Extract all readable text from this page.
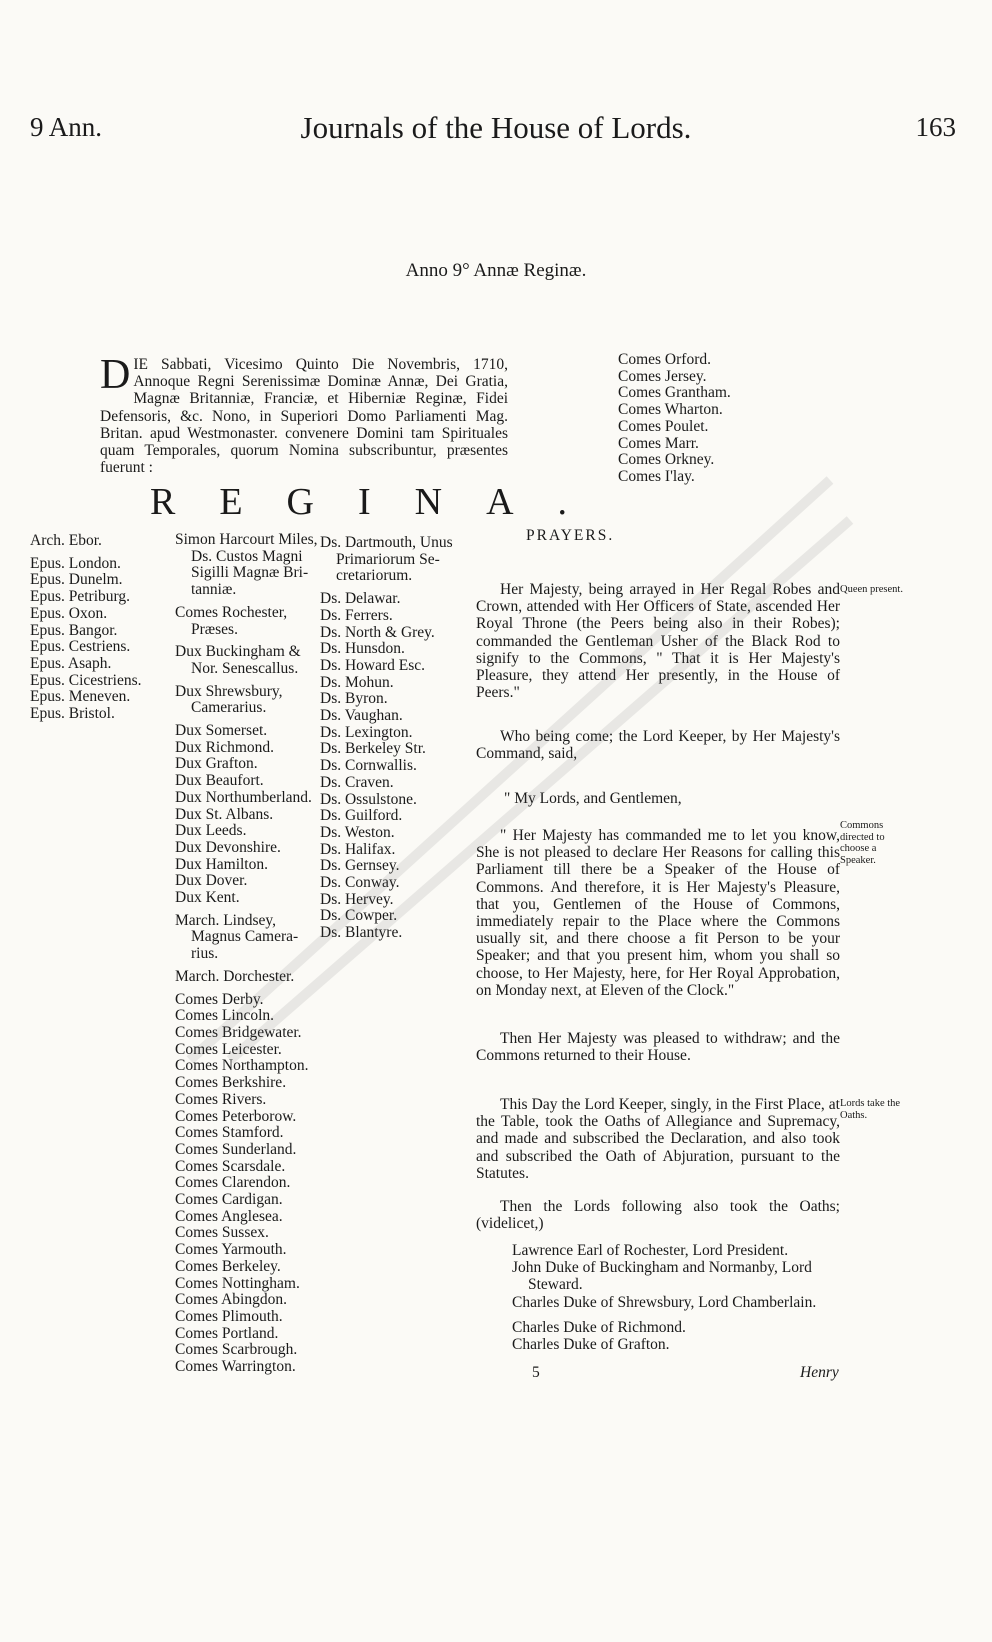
9 Ann.	Journals of the House of Lords.	163
Anno 9° Annæ Reginæ.
DIE Sabbati, Vicesimo Quinto Die Novembris, 1710, Annoque Regni Serenissimæ Dominæ Annæ, Dei Gratia, Magnæ Britanniæ, Franciæ, et Hiberniæ Reginæ, Fidei Defensoris, &c. Nono, in Superiori Domo Parliamenti Mag. Britan. apud Westmonaster. convenere Domini tam Spirituales quam Temporales, quorum Nomina subscribuntur, præsentes fuerunt :
REGINA.
Arch. Ebor.
Epus. London.
Epus. Dunelm.
Epus. Petriburg.
Epus. Oxon.
Epus. Bangor.
Epus. Cestriens.
Epus. Asaph.
Epus. Cicestriens.
Epus. Meneven.
Epus. Bristol.
Simon Harcourt Miles,
Ds. Custos Magni
Sigilli Magnæ Bri-
tanniæ.
Comes Rochester,
Præses.
Dux Buckingham &
Nor. Senescallus.
Dux Shrewsbury,
Camerarius.
Dux Somerset.
Dux Richmond.
Dux Grafton.
Dux Beaufort.
Dux Northumberland.
Dux St. Albans.
Dux Leeds.
Dux Devonshire.
Dux Hamilton.
Dux Dover.
Dux Kent.
March. Lindsey,
Magnus Camera-
rius.
March. Dorchester.
Comes Derby.
Comes Lincoln.
Comes Bridgewater.
Comes Leicester.
Comes Northampton.
Comes Berkshire.
Comes Rivers.
Comes Peterborow.
Comes Stamford.
Comes Sunderland.
Comes Scarsdale.
Comes Clarendon.
Comes Cardigan.
Comes Anglesea.
Comes Sussex.
Comes Yarmouth.
Comes Berkeley.
Comes Nottingham.
Comes Abingdon.
Comes Plimouth.
Comes Portland.
Comes Scarbrough.
Comes Warrington.
Ds. Dartmouth, Unus
Primariorum Se-
cretariorum.
Ds. Delawar.
Ds. Ferrers.
Ds. North & Grey.
Ds. Hunsdon.
Ds. Howard Esc.
Ds. Mohun.
Ds. Byron.
Ds. Vaughan.
Ds. Lexington.
Ds. Berkeley Str.
Ds. Cornwallis.
Ds. Craven.
Ds. Ossulstone.
Ds. Guilford.
Ds. Weston.
Ds. Halifax.
Ds. Gernsey.
Ds. Conway.
Ds. Hervey.
Ds. Cowper.
Ds. Blantyre.
Comes Orford.
Comes Jersey.
Comes Grantham.
Comes Wharton.
Comes Poulet.
Comes Marr.
Comes Orkney.
Comes I'lay.
PRAYERS.
Her Majesty, being arrayed in Her Regal Robes and Crown, attended with Her Officers of State, ascended Her Royal Throne (the Peers being also in their Robes); commanded the Gentleman Usher of the Black Rod to signify to the Commons, " That it is Her Majesty's Pleasure, they attend Her presently, in the House of Peers."
Queen present.
Who being come; the Lord Keeper, by Her Majesty's Command, said,
" My Lords, and Gentlemen,
Commons directed to choose a Speaker.
" Her Majesty has commanded me to let you know, She is not pleased to declare Her Reasons for calling this Parliament till there be a Speaker of the House of Commons. And therefore, it is Her Majesty's Pleasure, that you, Gentlemen of the House of Commons, immediately repair to the Place where the Commons usually sit, and there choose a fit Person to be your Speaker; and that you present him, whom you shall so choose, to Her Majesty, here, for Her Royal Approbation, on Monday next, at Eleven of the Clock."
Then Her Majesty was pleased to withdraw; and the Commons returned to their House.
This Day the Lord Keeper, singly, in the First Place, at the Table, took the Oaths of Allegiance and Supremacy, and made and subscribed the Declaration, and also took and subscribed the Oath of Abjuration, pursuant to the Statutes.
Lords take the Oaths.
Then the Lords following also took the Oaths; (videlicet,)
Lawrence Earl of Rochester, Lord President.
John Duke of Buckingham and Normanby, Lord
Steward.
Charles Duke of Shrewsbury, Lord Chamberlain.
Charles Duke of Richmond.
Charles Duke of Grafton.
5	Henry
